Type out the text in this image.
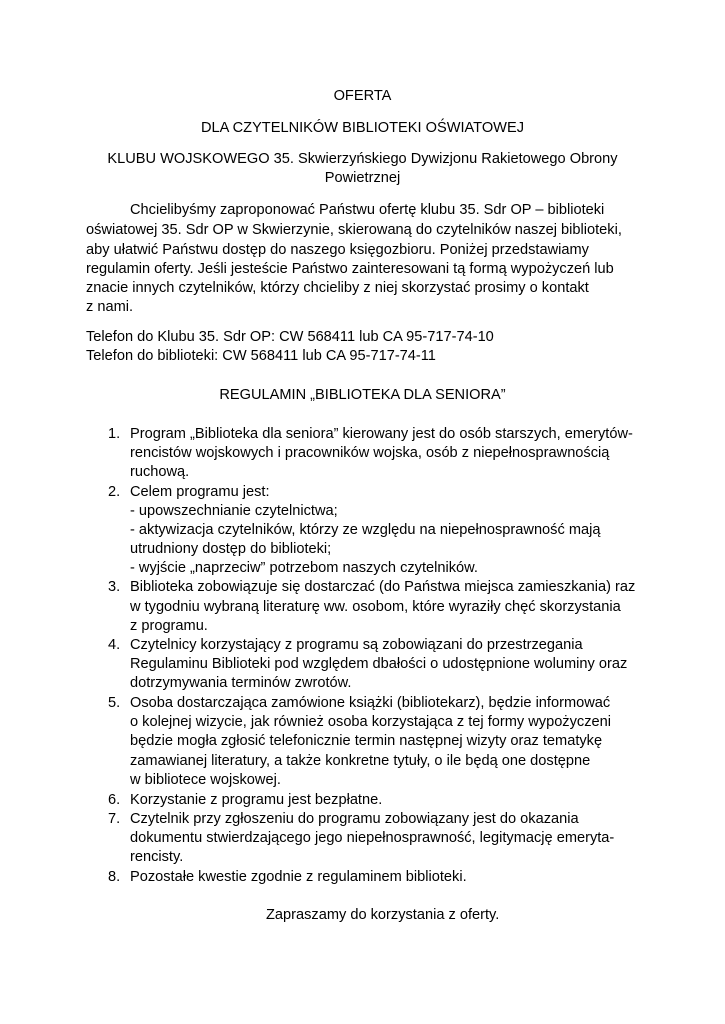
OFERTA
DLA CZYTELNIKÓW BIBLIOTEKI OŚWIATOWEJ
KLUBU WOJSKOWEGO 35. Skwierzyńskiego Dywizjonu Rakietowego Obrony
Powietrznej
Chcielibyśmy zaproponować Państwu ofertę klubu 35. Sdr OP – biblioteki
oświatowej 35. Sdr OP w Skwierzynie, skierowaną do czytelników naszej biblioteki,
aby ułatwić Państwu dostęp do naszego księgozbioru. Poniżej przedstawiamy
regulamin oferty. Jeśli jesteście Państwo zainteresowani tą formą wypożyczeń lub
znacie innych czytelników, którzy chcieliby z niej skorzystać prosimy o kontakt
z nami.
Telefon do Klubu 35. Sdr OP: CW 568411 lub CA 95-717-74-10
Telefon do biblioteki: CW 568411 lub CA 95-717-74-11
REGULAMIN „BIBLIOTEKA DLA SENIORA”
1. Program „Biblioteka dla seniora” kierowany jest do osób starszych, emerytów-
rencistów wojskowych i pracowników wojska, osób z niepełnosprawnością
ruchową.
2. Celem programu jest:
- upowszechnianie czytelnictwa;
- aktywizacja czytelników, którzy ze względu na niepełnosprawność mają
utrudniony dostęp do biblioteki;
- wyjście „naprzeciw” potrzebom naszych czytelników.
3. Biblioteka zobowiązuje się dostarczać (do Państwa miejsca zamieszkania) raz
w tygodniu wybraną literaturę ww. osobom, które wyraziły chęć skorzystania
z programu.
4. Czytelnicy korzystający z programu są zobowiązani do przestrzegania
Regulaminu Biblioteki pod względem dbałości o udostępnione woluminy oraz
dotrzymywania terminów zwrotów.
5. Osoba dostarczająca zamówione książki (bibliotekarz), będzie informować
o kolejnej wizycie, jak również osoba korzystająca z tej formy wypożyczeni
będzie mogła zgłosić telefonicznie termin następnej wizyty oraz tematykę
zamawianej literatury, a także konkretne tytuły, o ile będą one dostępne
w bibliotece wojskowej.
6. Korzystanie z programu jest bezpłatne.
7. Czytelnik przy zgłoszeniu do programu zobowiązany jest do okazania
dokumentu stwierdzającego jego niepełnosprawność, legitymację emeryta-
rencisty.
8. Pozostałe kwestie zgodnie z regulaminem biblioteki.
Zapraszamy do korzystania z oferty.
